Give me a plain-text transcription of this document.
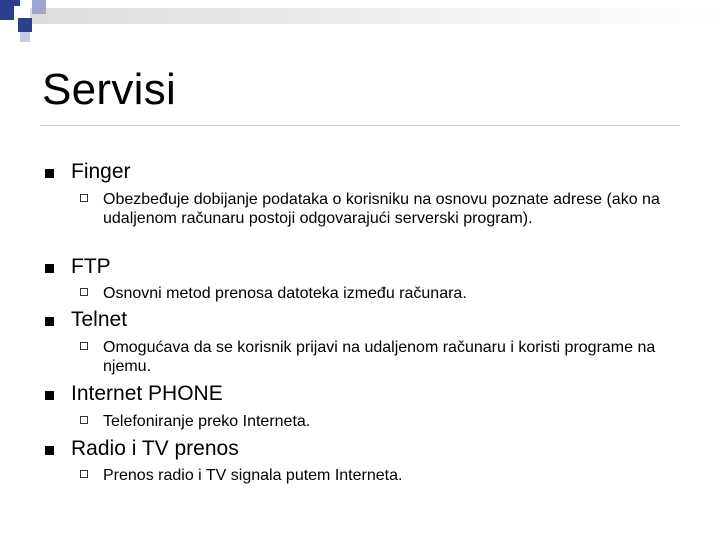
Servisi
Finger
Obezbeđuje dobijanje podataka o korisniku na osnovu poznate adrese (ako na udaljenom računaru postoji odgovarajući serverski program).
FTP
Osnovni metod prenosa datoteka između računara.
Telnet
Omogućava da se korisnik prijavi na udaljenom računaru i koristi programe na njemu.
Internet PHONE
Telefoniranje preko Interneta.
Radio i TV prenos
Prenos radio i TV signala putem Interneta.
